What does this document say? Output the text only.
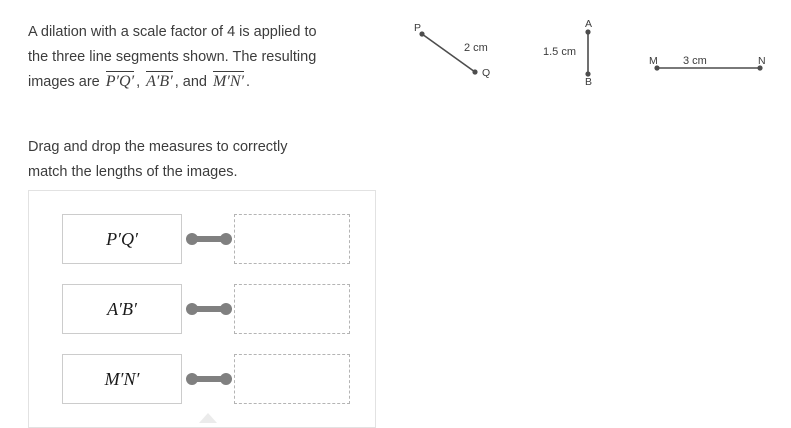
A dilation with a scale factor of 4 is applied to
the three line segments shown. The resulting
images are P′Q′ , A′B′ , and M′N′ .
Drag and drop the measures to correctly
match the lengths of the images.
P
Q
2 cm
A
B
1.5 cm
M	N
3 cm
P′Q′
A′B′
M′N′
